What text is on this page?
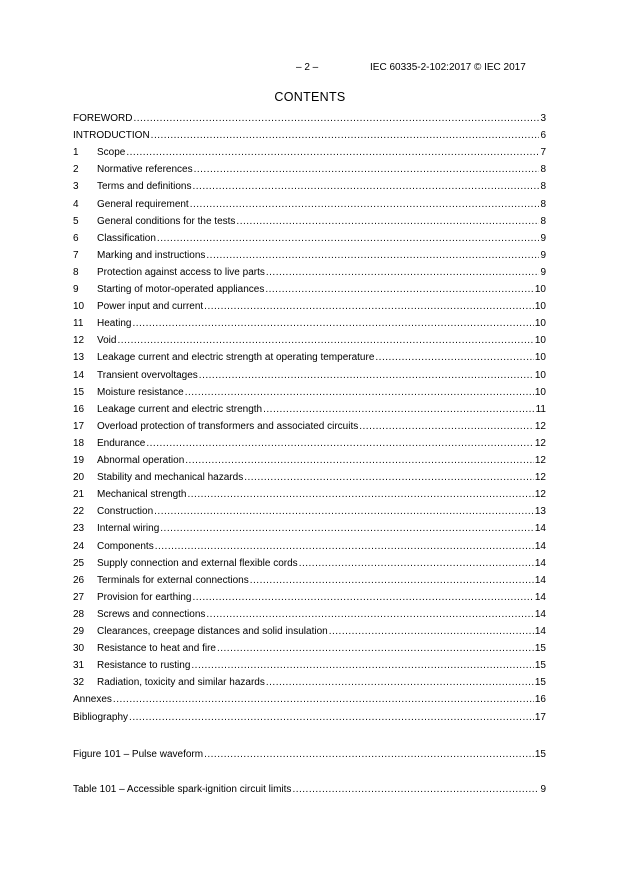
– 2 –	IEC 60335-2-102:2017 © IEC 2017
CONTENTS
FOREWORD .....	3
INTRODUCTION .....	6
1	Scope .....	7
2	Normative references .....	8
3	Terms and definitions .....	8
4	General requirement .....	8
5	General conditions for the tests .....	8
6	Classification .....	9
7	Marking and instructions .....	9
8	Protection against access to live parts .....	9
9	Starting of motor-operated appliances .....	10
10	Power input and current .....	10
11	Heating .....	10
12	Void .....	10
13	Leakage current and electric strength at operating temperature .....	10
14	Transient overvoltages .....	10
15	Moisture resistance .....	10
16	Leakage current and electric strength .....	11
17	Overload protection of transformers and associated circuits .....	12
18	Endurance .....	12
19	Abnormal operation .....	12
20	Stability and mechanical hazards .....	12
21	Mechanical strength .....	12
22	Construction .....	13
23	Internal wiring .....	14
24	Components .....	14
25	Supply connection and external flexible cords .....	14
26	Terminals for external connections .....	14
27	Provision for earthing .....	14
28	Screws and connections .....	14
29	Clearances, creepage distances and solid insulation .....	14
30	Resistance to heat and fire .....	15
31	Resistance to rusting .....	15
32	Radiation, toxicity and similar hazards .....	15
Annexes .....	16
Bibliography .....	17
Figure 101 – Pulse waveform .....	15
Table 101 – Accessible spark-ignition circuit limits .....	9
